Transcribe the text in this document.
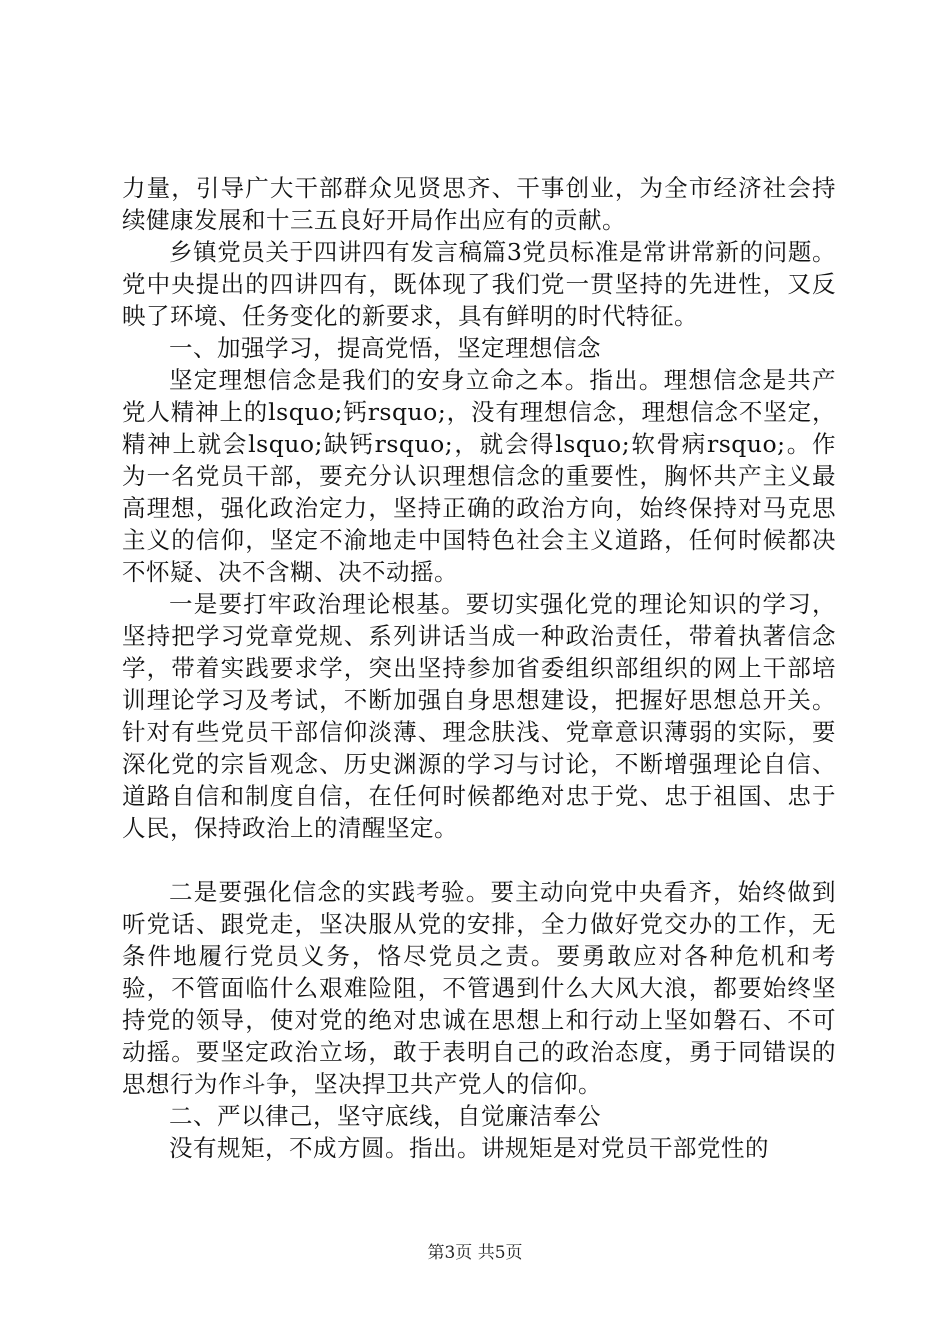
力量，引导广大干部群众见贤思齐、干事创业，为全市经济社会持续健康发展和十三五良好开局作出应有的贡献。

乡镇党员关于四讲四有发言稿篇3党员标准是常讲常新的问题。党中央提出的四讲四有，既体现了我们党一贯坚持的先进性，又反映了环境、任务变化的新要求，具有鲜明的时代特征。

一、加强学习，提高党悟，坚定理想信念

坚定理想信念是我们的安身立命之本。指出。理想信念是共产党人精神上的lsquo;钙rsquo;，没有理想信念，理想信念不坚定，精神上就会lsquo;缺钙rsquo;，就会得lsquo;软骨病rsquo;。作为一名党员干部，要充分认识理想信念的重要性，胸怀共产主义最高理想，强化政治定力，坚持正确的政治方向，始终保持对马克思主义的信仰，坚定不渝地走中国特色社会主义道路，任何时候都决不怀疑、决不含糊、决不动摇。

一是要打牢政治理论根基。要切实强化党的理论知识的学习，坚持把学习党章党规、系列讲话当成一种政治责任，带着执著信念学，带着实践要求学，突出坚持参加省委组织部组织的网上干部培训理论学习及考试，不断加强自身思想建设，把握好思想总开关。针对有些党员干部信仰淡薄、理念肤浅、党章意识薄弱的实际，要深化党的宗旨观念、历史渊源的学习与讨论，不断增强理论自信、道路自信和制度自信，在任何时候都绝对忠于党、忠于祖国、忠于人民，保持政治上的清醒坚定。

二是要强化信念的实践考验。要主动向党中央看齐，始终做到听党话、跟党走，坚决服从党的安排，全力做好党交办的工作，无条件地履行党员义务，恪尽党员之责。要勇敢应对各种危机和考验，不管面临什么艰难险阻，不管遇到什么大风大浪，都要始终坚持党的领导，使对党的绝对忠诚在思想上和行动上坚如磐石、不可动摇。要坚定政治立场，敢于表明自己的政治态度，勇于同错误的思想行为作斗争，坚决捍卫共产党人的信仰。

二、严以律己，坚守底线，自觉廉洁奉公

没有规矩，不成方圆。指出。讲规矩是对党员干部党性的

第3页 共5页
